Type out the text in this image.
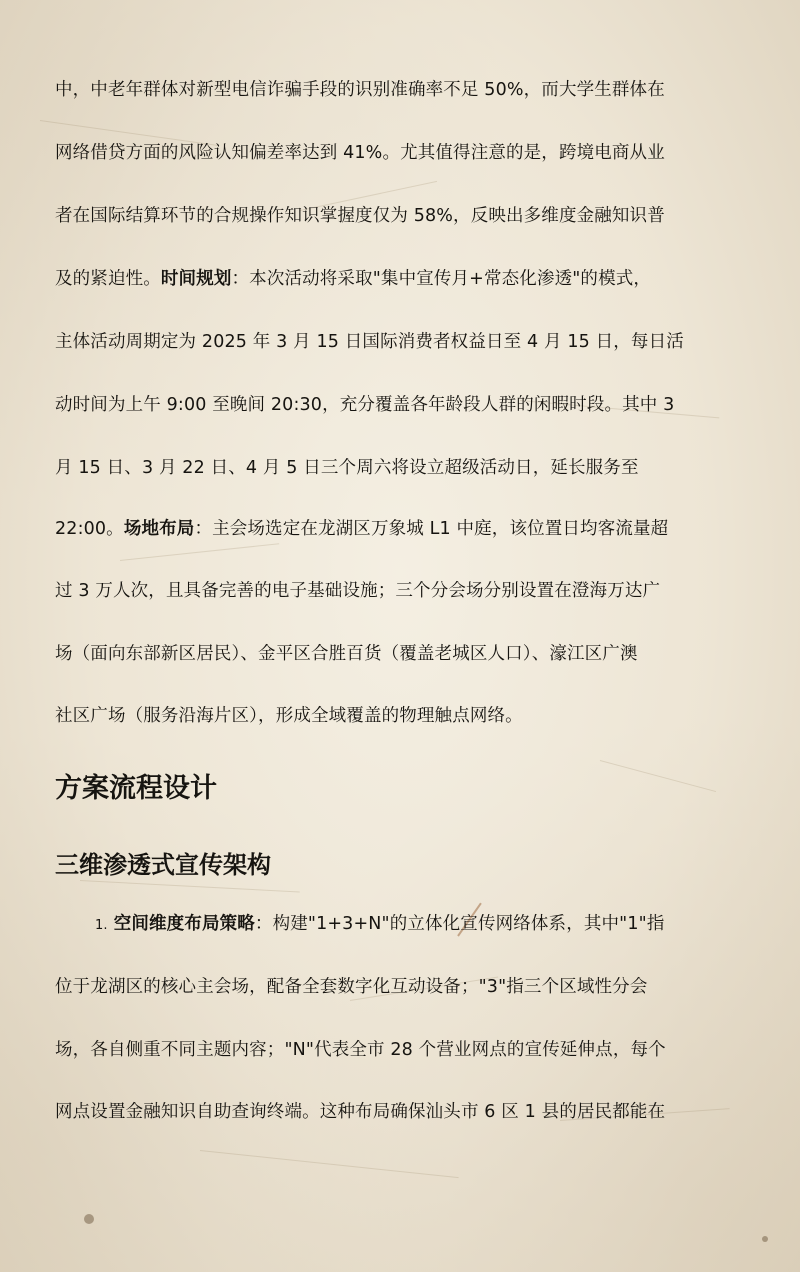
中，中老年群体对新型电信诈骗手段的识别准确率不足 50%，而大学生群体在
网络借贷方面的风险认知偏差率达到 41%。尤其值得注意的是，跨境电商从业
者在国际结算环节的合规操作知识掌握度仅为 58%，反映出多维度金融知识普
及的紧迫性。时间规划：本次活动将采取"集中宣传月+常态化渗透"的模式，
主体活动周期定为 2025 年 3 月 15 日国际消费者权益日至 4 月 15 日，每日活
动时间为上午 9:00 至晚间 20:30，充分覆盖各年龄段人群的闲暇时段。其中 3
月 15 日、3 月 22 日、4 月 5 日三个周六将设立超级活动日，延长服务至
22:00。场地布局：主会场选定在龙湖区万象城 L1 中庭，该位置日均客流量超
过 3 万人次，且具备完善的电子基础设施；三个分会场分别设置在澄海万达广
场（面向东部新区居民）、金平区合胜百货（覆盖老城区人口）、濠江区广澳
社区广场（服务沿海片区），形成全域覆盖的物理触点网络。
方案流程设计
三维渗透式宣传架构
1. 空间维度布局策略：构建"1+3+N"的立体化宣传网络体系，其中"1"指
位于龙湖区的核心主会场，配备全套数字化互动设备；"3"指三个区域性分会
场，各自侧重不同主题内容；"N"代表全市 28 个营业网点的宣传延伸点，每个
网点设置金融知识自助查询终端。这种布局确保汕头市 6 区 1 县的居民都能在
